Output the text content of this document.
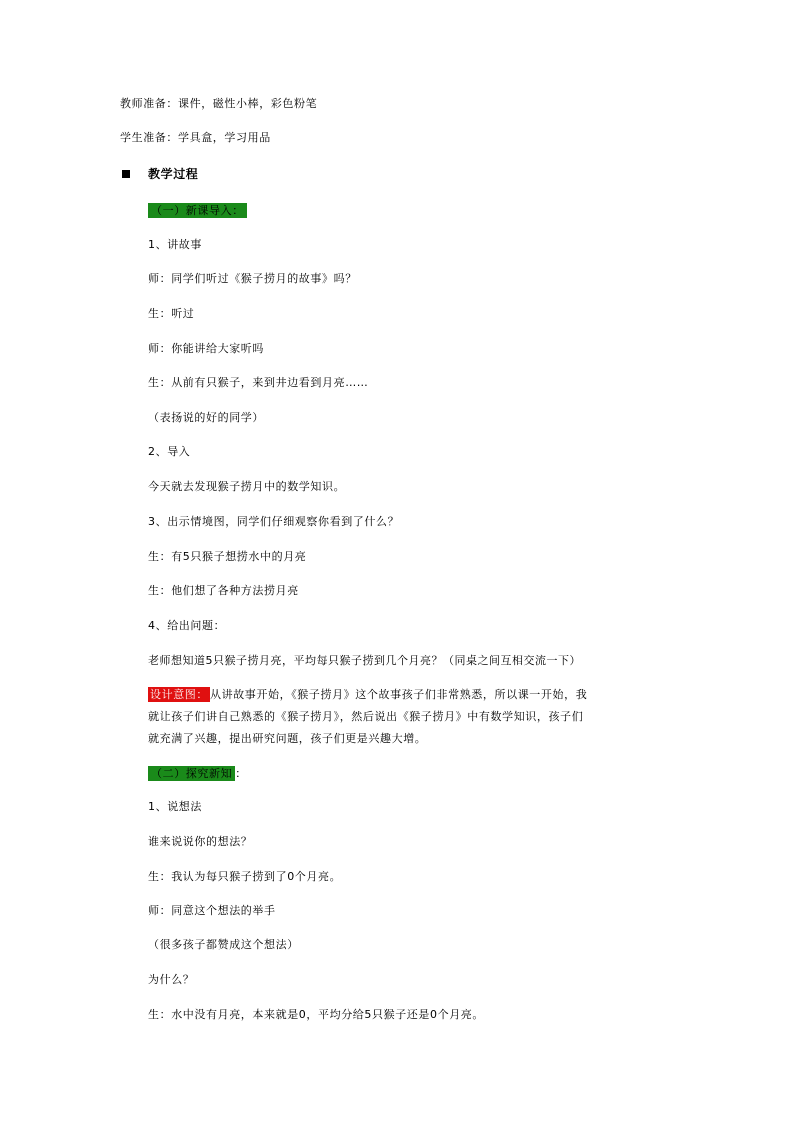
教师准备：课件，磁性小棒，彩色粉笔
学生准备：学具盒，学习用品
教学过程
（一）新课导入：
1、讲故事
师：同学们听过《猴子捞月的故事》吗？
生：听过
师：你能讲给大家听吗
生：从前有只猴子，来到井边看到月亮……
（表扬说的好的同学）
2、导入
今天就去发现猴子捞月中的数学知识。
3、出示情境图，同学们仔细观察你看到了什么？
生：有5只猴子想捞水中的月亮
生：他们想了各种方法捞月亮
4、给出问题：
老师想知道5只猴子捞月亮，平均每只猴子捞到几个月亮？（同桌之间互相交流一下）
设计意图： 从讲故事开始，《猴子捞月》这个故事孩子们非常熟悉，所以课一开始，我
就让孩子们讲自己熟悉的《猴子捞月》，然后说出《猴子捞月》中有数学知识，孩子们
就充满了兴趣，提出研究问题，孩子们更是兴趣大增。
（二）探究新知 ：
1、说想法
谁来说说你的想法？
生：我认为每只猴子捞到了0个月亮。
师：同意这个想法的举手
（很多孩子都赞成这个想法）
为什么？
生：水中没有月亮，本来就是0，平均分给5只猴子还是0个月亮。
